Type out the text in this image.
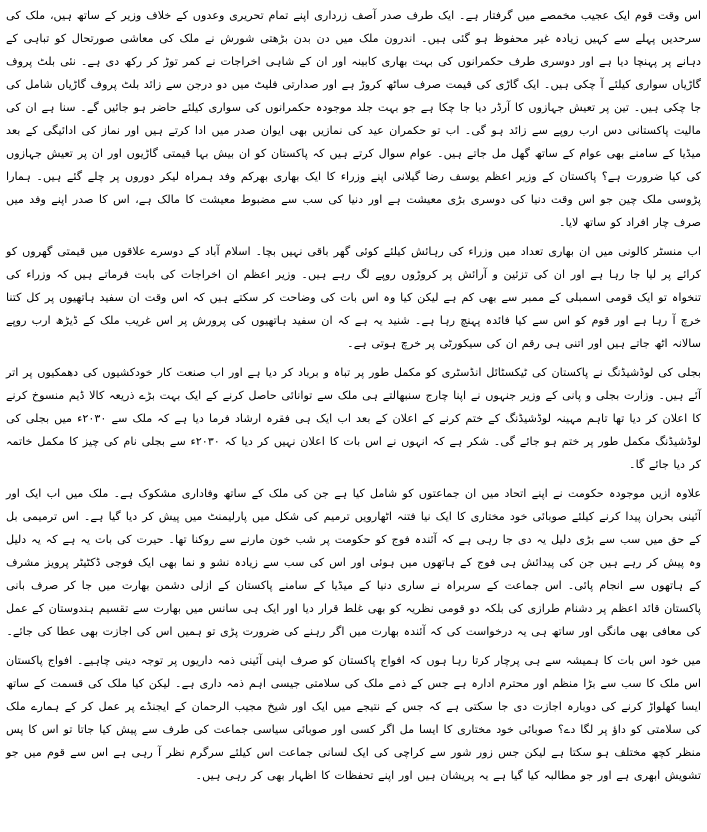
اس وقت قوم ایک عجیب مخمصے میں گرفتار ہے۔ ایک طرف صدر آصف زرداری اپنے تمام تحریری وعدوں کے خلاف وزیر کے ساتھ ہیں، ملک کی سرحدیں پہلے سے کہیں زیادہ غیر محفوظ ہو گئی ہیں۔ اندرون ملک میں دن بدن بڑھتی شورش نے ملک کی معاشی صورتحال کو تباہی کے دہانے پر پہنچا دیا ہے اور دوسری طرف حکمرانوں کی بہت بھاری کابینہ اور ان کے شاہی اخراجات نے کمر توڑ کر رکھ دی ہے۔ نئی بلٹ پروف گاڑیاں سواری کیلئے آ چکی ہیں۔ ایک گاڑی کی قیمت صرف ساٹھ کروڑ ہے اور صدارتی فلیٹ میں دو درجن سے زائد بلٹ پروف گاڑیاں شامل کی جا چکی ہیں۔ تین پر تعیش جہازوں کا آرڈر دیا جا چکا ہے جو بہت جلد موجودہ حکمرانوں کی سواری کیلئے حاضر ہو جائیں گے۔ سنا ہے ان کی مالیت پاکستانی دس ارب روپے سے زائد ہو گی۔ اب تو حکمران عید کی نمازیں بھی ایوان صدر میں ادا کرتے ہیں اور نماز کی ادائیگی کے بعد میڈیا کے سامنے بھی عوام کے ساتھ گھل مل جاتے ہیں۔ عوام سوال کرتے ہیں کہ پاکستان کو ان بیش بہا قیمتی گاڑیوں اور ان پر تعیش جہازوں کی کیا ضرورت ہے؟ پاکستان کے وزیر اعظم یوسف رضا گیلانی اپنے وزراء کا ایک بھاری بھرکم وفد ہمراہ لیکر دوروں پر چلے گئے ہیں۔ ہمارا پڑوسی ملک چین جو اس وقت دنیا کی دوسری بڑی معیشت ہے اور دنیا کی سب سے مضبوط معیشت کا مالک ہے، اس کا صدر اپنے وفد میں صرف چار افراد کو ساتھ لایا۔

اب منسٹر کالونی میں ان بھاری تعداد میں وزراء کی رہائش کیلئے کوئی گھر باقی نہیں بچا۔ اسلام آباد کے دوسرے علاقوں میں قیمتی گھروں کو کرائے پر لیا جا رہا ہے اور ان کی تزئین و آرائش پر کروڑوں روپے لگ رہے ہیں۔ وزیر اعظم ان اخراجات کی بابت فرماتے ہیں کہ وزراء کی تنخواہ تو ایک قومی اسمبلی کے ممبر سے بھی کم ہے لیکن کیا وہ اس بات کی وضاحت کر سکتے ہیں کہ اس وقت ان سفید ہاتھیوں پر کل کتنا خرچ آ رہا ہے اور قوم کو اس سے کیا فائدہ پہنچ رہا ہے۔ شنید یہ ہے کہ ان سفید ہاتھیوں کی پرورش پر اس غریب ملک کے ڈیڑھ ارب روپے سالانہ اٹھ جاتے ہیں اور اتنی ہی رقم ان کی سیکورٹی پر خرچ ہوتی ہے۔

بجلی کی لوڈشیڈنگ نے پاکستان کی ٹیکسٹائل انڈسٹری کو مکمل طور پر تباہ و برباد کر دیا ہے اور اب صنعت کار خودکشیوں کی دھمکیوں پر اتر آئے ہیں۔ وزارت بجلی و پانی کے وزیر جنہوں نے اپنا چارج سنبھالتے ہی ملک سے توانائی حاصل کرنے کے ایک بہت بڑے ذریعہ کالا ڈیم منسوخ کرنے کا اعلان کر دیا تھا تاہم مہینہ لوڈشیڈنگ کے ختم کرنے کے اعلان کے بعد اب ایک ہی فقرہ ارشاد فرما دیا ہے کہ ملک سے ۲۰۳۰ء میں بجلی کی لوڈشیڈنگ مکمل طور پر ختم ہو جائے گی۔ شکر ہے کہ انہوں نے اس بات کا اعلان نہیں کر دیا کہ ۲۰۳۰ء سے بجلی نام کی چیز کا مکمل خاتمہ کر دیا جائے گا۔

علاوہ ازیں موجودہ حکومت نے اپنے اتحاد میں ان جماعتوں کو شامل کیا ہے جن کی ملک کے ساتھ وفاداری مشکوک ہے۔ ملک میں اب ایک اور آئینی بحران پیدا کرنے کیلئے صوبائی خود مختاری کا ایک نیا فتنہ اٹھارویں ترمیم کی شکل میں پارلیمنٹ میں پیش کر دیا گیا ہے۔ اس ترمیمی بل کے حق میں سب سے بڑی دلیل یہ دی جا رہی ہے کہ آئندہ فوج کو حکومت پر شب خون مارنے سے روکنا تھا۔ حیرت کی بات یہ ہے کہ یہ دلیل وہ پیش کر رہے ہیں جن کی پیدائش ہی فوج کے ہاتھوں میں ہوئی اور اس کی سب سے زیادہ نشو و نما بھی ایک فوجی ڈکٹیٹر پرویز مشرف کے ہاتھوں سے انجام پائی۔ اس جماعت کے سربراہ نے ساری دنیا کے میڈیا کے سامنے پاکستان کے ازلی دشمن بھارت میں جا کر صرف بانی پاکستان قائد اعظم پر دشنام طرازی کی بلکہ دو قومی نظریہ کو بھی غلط قرار دیا اور ایک ہی سانس میں بھارت سے تقسیم ہندوستان کے عمل کی معافی بھی مانگی اور ساتھ ہی یہ درخواست کی کہ آئندہ بھارت میں اگر رہنے کی ضرورت پڑی تو ہمیں اس کی اجازت بھی عطا کی جائے۔

میں خود اس بات کا ہمیشہ سے ہی پرچار کرتا رہا ہوں کہ افواج پاکستان کو صرف اپنی آئینی ذمہ داریوں پر توجہ دینی چاہیے۔ افواج پاکستان اس ملک کا سب سے بڑا منظم اور محترم ادارہ ہے جس کے ذمے ملک کی سلامتی جیسی اہم ذمہ داری ہے۔ لیکن کیا ملک کی قسمت کے ساتھ ایسا کھلواڑ کرنے کی دوبارہ اجازت دی جا سکتی ہے کہ جس کے نتیجے میں ایک اور شیخ مجیب الرحمان کے ایجنڈے پر عمل کر کے ہمارے ملک کی سلامتی کو داؤ پر لگا دے؟ صوبائی خود مختاری کا ایسا مل اگر کسی اور صوبائی سیاسی جماعت کی طرف سے پیش کیا جاتا تو اس کا پس منظر کچھ مختلف ہو سکتا ہے لیکن جس زور شور سے کراچی کی ایک لسانی جماعت اس کیلئے سرگرم نظر آ رہی ہے اس سے قوم میں جو تشویش ابھری ہے اور جو مطالبہ کیا گیا ہے یہ پریشان ہیں اور اپنے تحفظات کا اظہار بھی کر رہی ہیں۔
